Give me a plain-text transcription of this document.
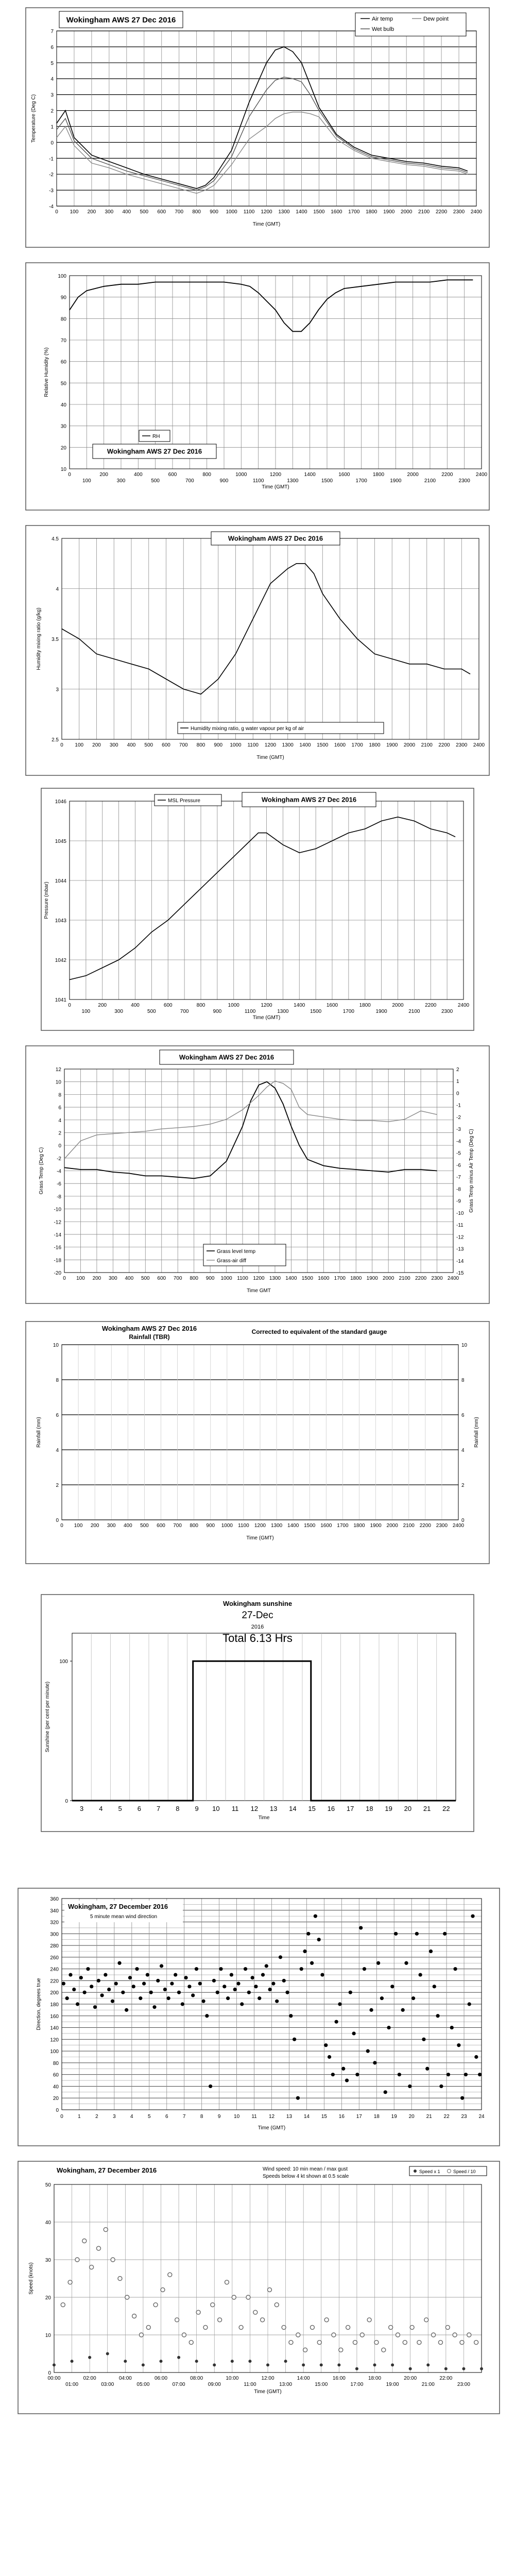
-4
-3
-2
-1
0
1
2
3
4
5
6
7
0 100 200 300 400 500 600 700 800 900 1000 1100 1200 1300 1400 1500 1600 1700 1800 1900 2000 2100 2200 2300 2400
Time (GMT)
Temperature (Deg C)
Wokingham AWS 27 Dec 2016	Air temp	Dew point
Wet bulb
10
20
30
40
50
60
70
80
90
100
0	200	400	600	800	1000	1200	1400	1600	1800	2000	2200	2400
100	300	500	700	900	1100	1300	1500	1700	1900	2100	2300
Time (GMT)
Relative Humidity (%)
RH
Wokingham AWS 27 Dec 2016
2.5
3
3.5
4
4.5
0 100 200 300 400 500 600 700 800 900 1000 1100 1200 1300 1400 1500 1600 1700 1800 1900 2000 2100 2200 2300 2400
Time (GMT)
Humidity mixing ratio (g/kg)
Wokingham AWS 27 Dec 2016
Humidity mixing ratio, g water vapour per kg of air
1041
1042
1043
1044
1045
1046
0	200	400	600	800	1000	1200	1400	1600	1800	2000	2200	2400
100	300	500	700	900	1100	1300	1500	1700	1900	2100	2300
Time (GMT)
Pressure (mbar)
MSL Pressure	Wokingham AWS 27 Dec 2016
-20
-18
-16
-14
-12
-10
-8
-6
-4
-2
0
2
4
6
8
10
12
-15
-14
-13
-12
-11
-10
-9
-8
-7
-6
-5
-4
-3
-2
-1
0
1
2
0 100 200 300 400 500 600 700 800 900 1000 1100 1200 1300 1400 1500 1600 1700 1800 1900 2000 2100 2200 2300 2400
Time GMT
Grass Temp (Deg C)	Grass Temp minus Air Temp (Deg C)
Wokingham AWS 27 Dec 2016
Grass level temp
Grass-air diff
0
2
4
6
8
10
0
2
4
6
8
10
0 100 200 300 400 500 600 700 800 900 1000 1100 1200 1300 1400 1500 1600 1700 1800 1900 2000 2100 2200 2300 2400
Time (GMT)
Rainfall (mm)	Rainfall (mm)
Wokingham AWS 27 Dec 2016
Rainfall (TBR)
Corrected to equivalent of the standard gauge
0
100
3 4 5 6 7 8 9 10 11 12 13 14 15 16 17 18 19 20 21 22
Time
Sunshine (per cent per minute)
Wokingham sunshine
27-Dec
2016
Total 6.13 Hrs
0
20
40
60
80
100
120
140
160
180
200
220
240
260
280
300
320
340
360
0	1	2	3	4	5	6	7	8	9	10 11 12 13 14 15 16 17 18 19 20 21 22 23 24
Time (GMT)
Direction, degrees true
Wokingham, 27 December 2016
5 minute mean wind direction
0
10
20
30
40
50
00:00	02:00	04:00	06:00	08:00	10:00	12:00	14:00	16:00	18:00	20:00	22:00
01:00	03:00	05:00	07:00	09:00	11:00	13:00	15:00	17:00	19:00	21:00	23:00
Time (GMT)
Speed (knots)
Wokingham, 27 December 2016	Wind speed: 10 min mean / max gust
Speeds below 4 kt shown at 0.5 scale
Speed x 1	Speed / 10
